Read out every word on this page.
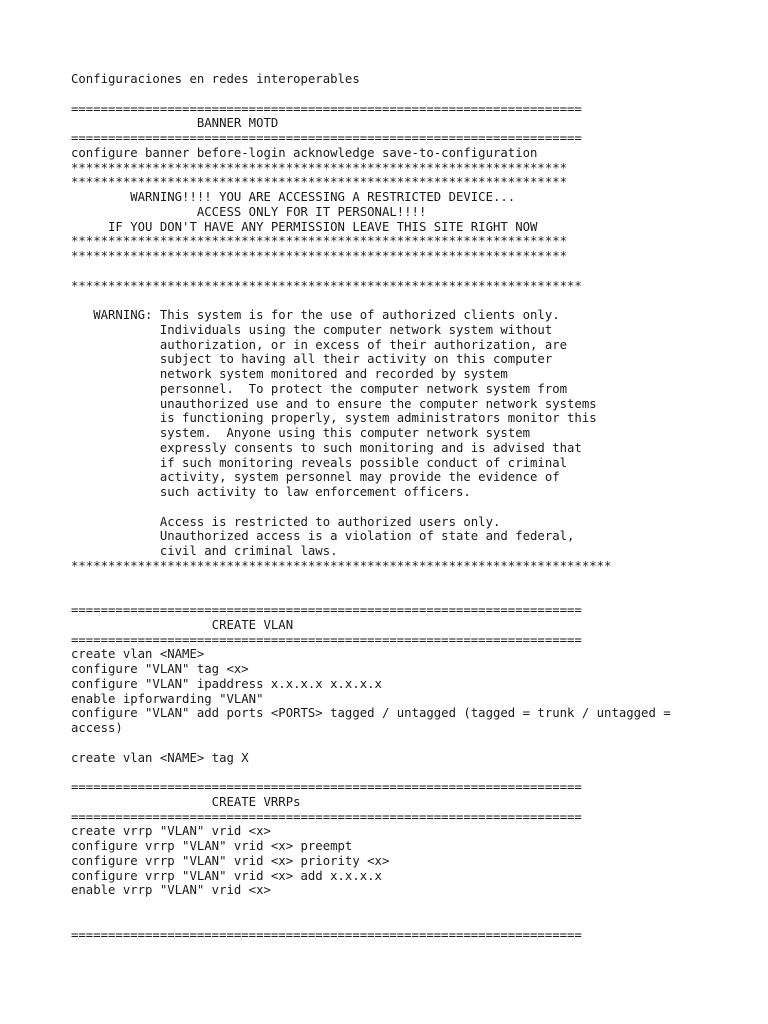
Configuraciones en redes interoperables
=====================================================================
BANNER MOTD
=====================================================================
configure banner before-login acknowledge save-to-configuration
*******************************************************************
*******************************************************************
WARNING!!!! YOU ARE ACCESSING A RESTRICTED DEVICE...
ACCESS ONLY FOR IT PERSONAL!!!!
IF YOU DON'T HAVE ANY PERMISSION LEAVE THIS SITE RIGHT NOW
*******************************************************************
*******************************************************************
*********************************************************************
WARNING: This system is for the use of authorized clients only.
Individuals using the computer network system without
authorization, or in excess of their authorization, are
subject to having all their activity on this computer
network system monitored and recorded by system
personnel.  To protect the computer network system from
unauthorized use and to ensure the computer network systems
is functioning properly, system administrators monitor this
system.  Anyone using this computer network system
expressly consents to such monitoring and is advised that
if such monitoring reveals possible conduct of criminal
activity, system personnel may provide the evidence of
such activity to law enforcement officers.
Access is restricted to authorized users only.
Unauthorized access is a violation of state and federal,
civil and criminal laws.
*************************************************************************
=====================================================================
CREATE VLAN
=====================================================================
create vlan <NAME>
configure "VLAN" tag <x>
configure "VLAN" ipaddress x.x.x.x x.x.x.x
enable ipforwarding "VLAN"
configure "VLAN" add ports <PORTS> tagged / untagged (tagged = trunk / untagged =
access)
create vlan <NAME> tag X
=====================================================================
CREATE VRRPs
=====================================================================
create vrrp "VLAN" vrid <x>
configure vrrp "VLAN" vrid <x> preempt
configure vrrp "VLAN" vrid <x> priority <x>
configure vrrp "VLAN" vrid <x> add x.x.x.x
enable vrrp "VLAN" vrid <x>
=====================================================================
